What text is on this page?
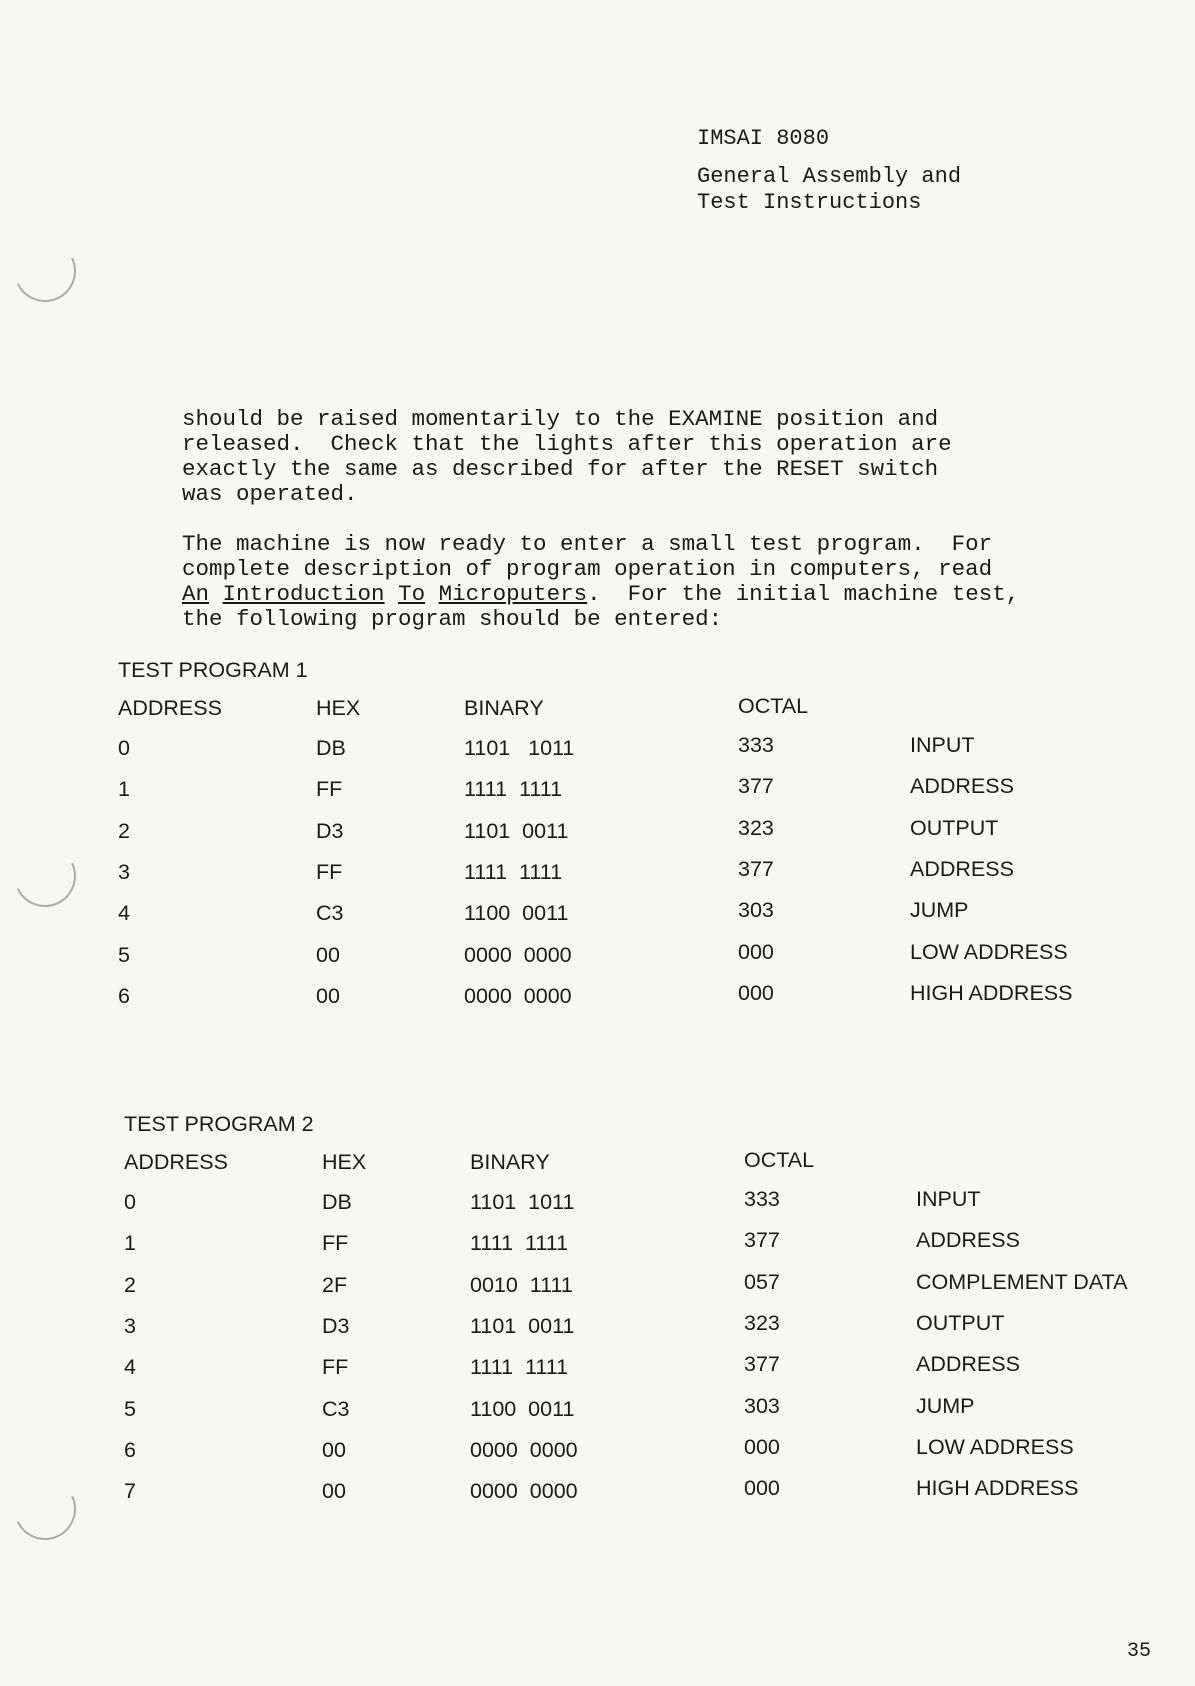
IMSAI 8080
General Assembly and
Test Instructions

should be raised momentarily to the EXAMINE position and
released.  Check that the lights after this operation are
exactly the same as described for after the RESET switch
was operated.

The machine is now ready to enter a small test program.  For
complete description of program operation in computers, read
An Introduction To Microputers.  For the initial machine test,
the following program should be entered:

TEST PROGRAM 1
ADDRESS	HEX	BINARY	OCTAL
0	DB	1101   1011	333	INPUT
1	FF	1111  1111	377	ADDRESS
2	D3	1101  0011	323	OUTPUT
3	FF	1111  1111	377	ADDRESS
4	C3	1100  0011	303	JUMP
5	00	0000  0000	000	LOW ADDRESS
6	00	0000  0000	000	HIGH ADDRESS
TEST PROGRAM 2
ADDRESS	HEX	BINARY	OCTAL
0	DB	1101  1011	333	INPUT
1	FF	1111  1111	377	ADDRESS
2	2F	0010  1111	057	COMPLEMENT DATA
3	D3	1101  0011	323	OUTPUT
4	FF	1111  1111	377	ADDRESS
5	C3	1100  0011	303	JUMP
6	00	0000  0000	000	LOW ADDRESS
7	00	0000  0000	000	HIGH ADDRESS
35
